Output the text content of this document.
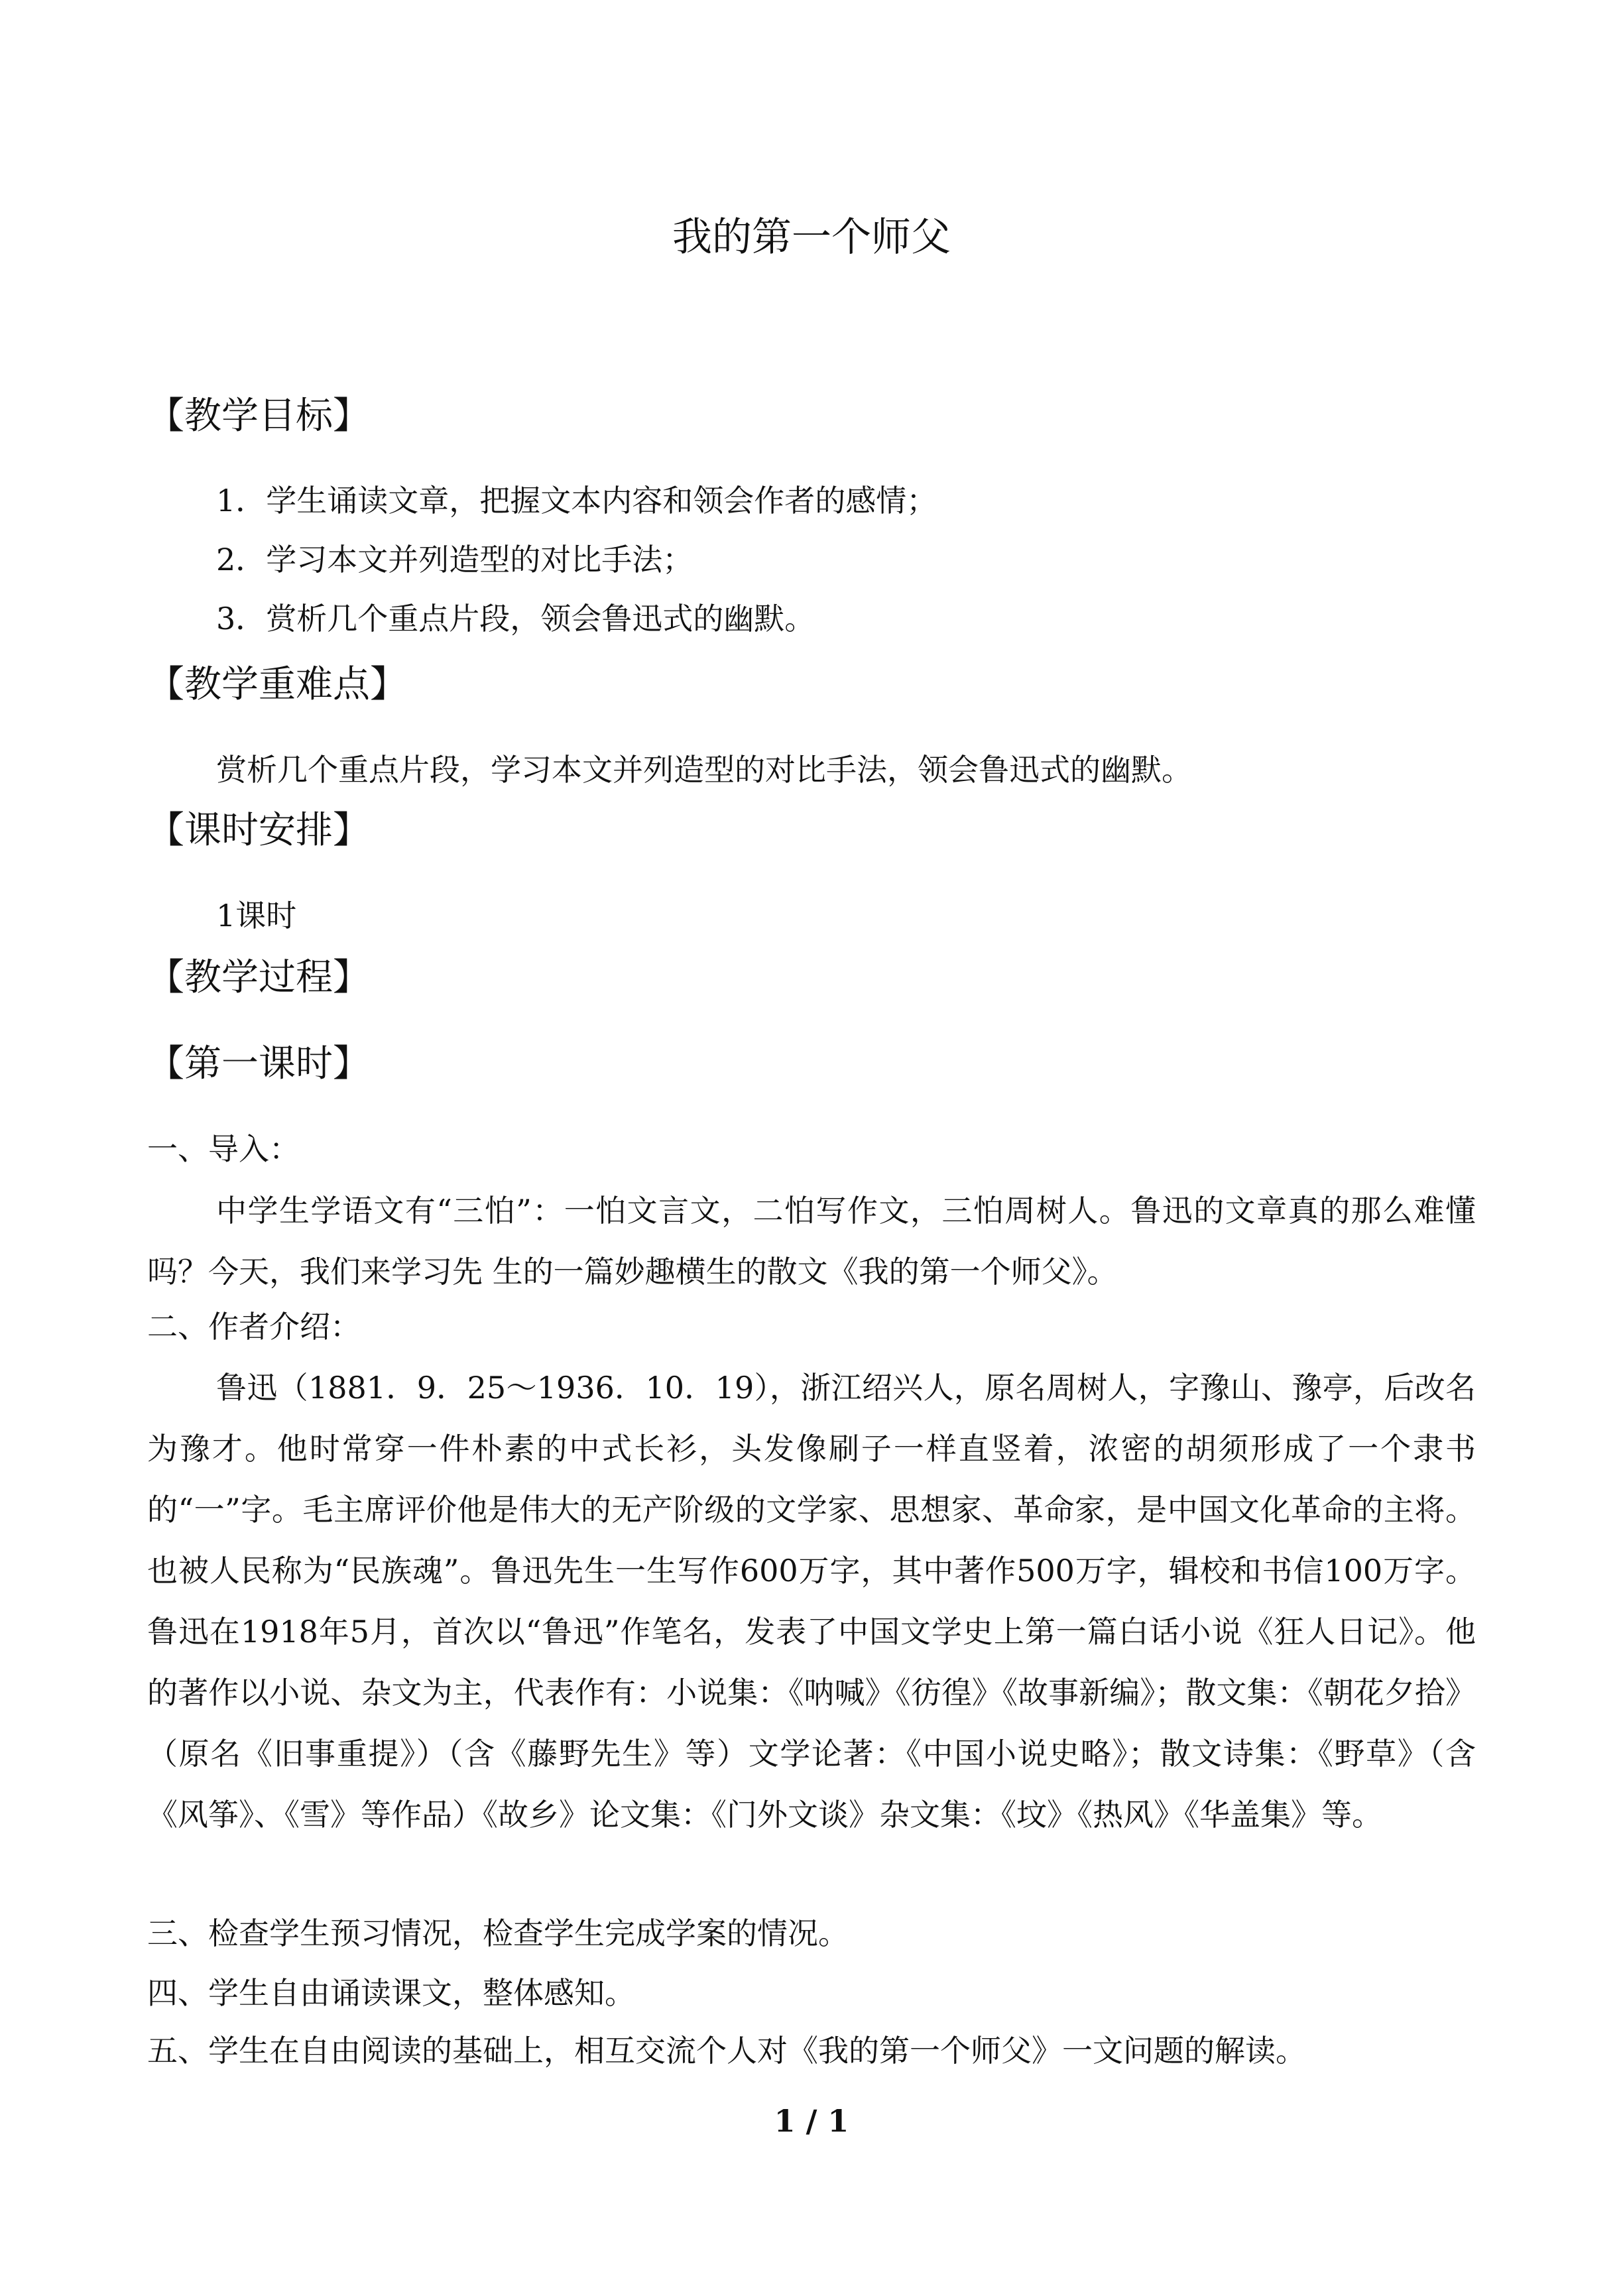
我的第一个师父
【教学目标】
1．学生诵读文章，把握文本内容和领会作者的感情；
2．学习本文并列造型的对比手法；
3．赏析几个重点片段，领会鲁迅式的幽默。
【教学重难点】
赏析几个重点片段，学习本文并列造型的对比手法，领会鲁迅式的幽默。
【课时安排】
1课时
【教学过程】
【第一课时】
一、导入：
中学生学语文有“三怕”：一怕文言文，二怕写作文，三怕周树人。鲁迅的文章真的那么难懂吗？今天，我们来学习先 生的一篇妙趣横生的散文《我的第一个师父》。
二、作者介绍：
鲁迅（1881．9．25～1936．10．19），浙江绍兴人，原名周树人，字豫山、豫亭，后改名为豫才。他时常穿一件朴素的中式长衫，头发像刷子一样直竖着，浓密的胡须形成了一个隶书的“一”字。毛主席评价他是伟大的无产阶级的文学家、思想家、革命家，是中国文化革命的主将。也被人民称为“民族魂”。鲁迅先生一生写作600万字，其中著作500万字，辑校和书信100万字。鲁迅在1918年5月，首次以“鲁迅”作笔名，发表了中国文学史上第一篇白话小说《狂人日记》。他的著作以小说、杂文为主，代表作有：小说集：《呐喊》《彷徨》《故事新编》；散文集：《朝花夕拾》（原名《旧事重提》）（含《藤野先生》等）文学论著：《中国小说史略》；散文诗集：《野草》（含《风筝》、《雪》等作品）《故乡》论文集：《门外文谈》杂文集：《坟》《热风》《华盖集》等。
三、检查学生预习情况，检查学生完成学案的情况。
四、学生自由诵读课文，整体感知。
五、学生在自由阅读的基础上，相互交流个人对《我的第一个师父》一文问题的解读。
1 / 1
